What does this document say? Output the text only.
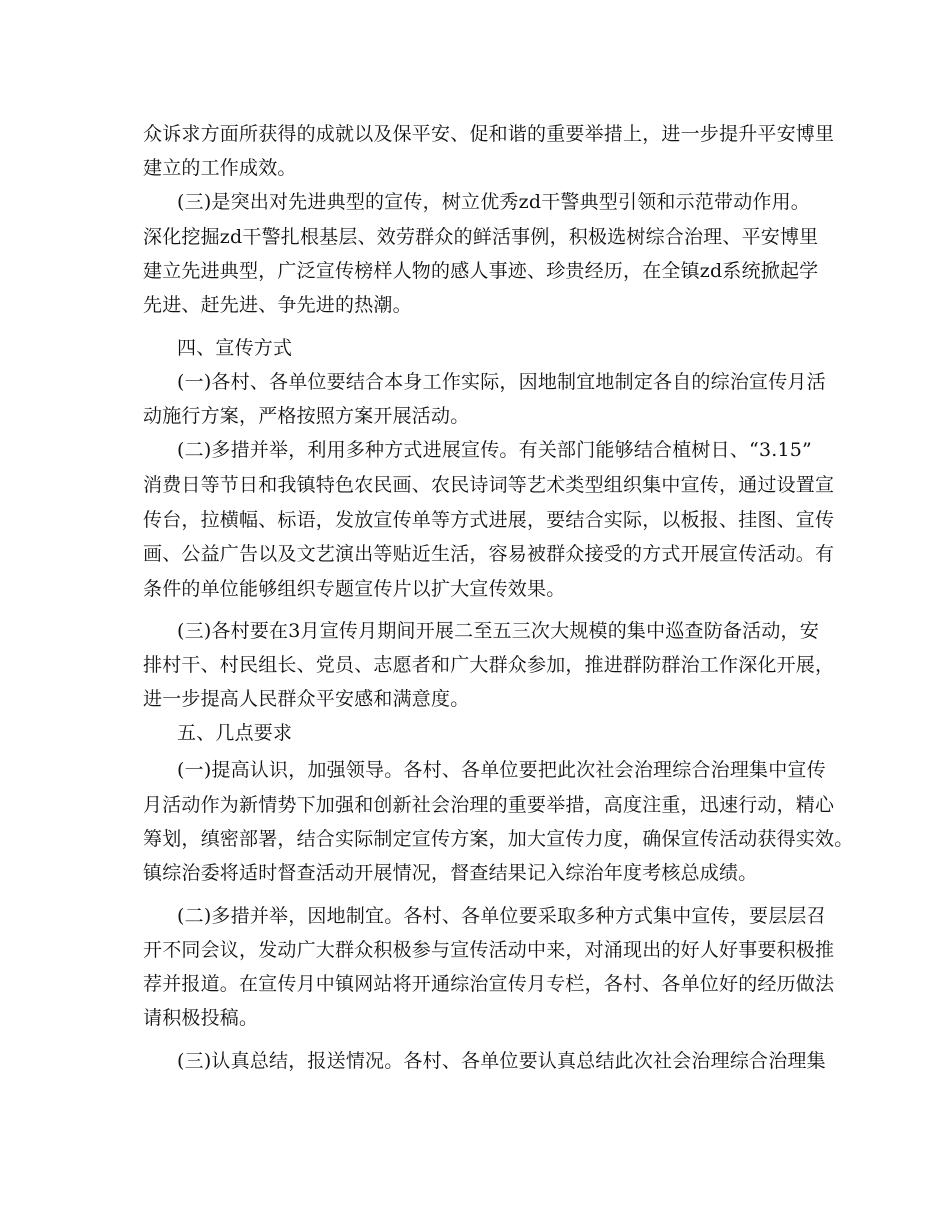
众诉求方面所获得的成就以及保平安、促和谐的重要举措上，进一步提升平安博里
建立的工作成效。
(三)是突出对先进典型的宣传，树立优秀zd干警典型引领和示范带动作用。
深化挖掘zd干警扎根基层、效劳群众的鲜活事例，积极选树综合治理、平安博里
建立先进典型，广泛宣传榜样人物的感人事迹、珍贵经历，在全镇zd系统掀起学
先进、赶先进、争先进的热潮。
四、宣传方式
(一)各村、各单位要结合本身工作实际，因地制宜地制定各自的综治宣传月活
动施行方案，严格按照方案开展活动。
(二)多措并举，利用多种方式进展宣传。有关部门能够结合植树日、“3.15”
消费日等节日和我镇特色农民画、农民诗词等艺术类型组织集中宣传，通过设置宣
传台，拉横幅、标语，发放宣传单等方式进展，要结合实际，以板报、挂图、宣传
画、公益广告以及文艺演出等贴近生活，容易被群众接受的方式开展宣传活动。有
条件的单位能够组织专题宣传片以扩大宣传效果。
(三)各村要在3月宣传月期间开展二至五三次大规模的集中巡查防备活动，安
排村干、村民组长、党员、志愿者和广大群众参加，推进群防群治工作深化开展，
进一步提高人民群众平安感和满意度。
五、几点要求
(一)提高认识，加强领导。各村、各单位要把此次社会治理综合治理集中宣传
月活动作为新情势下加强和创新社会治理的重要举措，高度注重，迅速行动，精心
筹划，缜密部署，结合实际制定宣传方案，加大宣传力度，确保宣传活动获得实效。
镇综治委将适时督查活动开展情况，督查结果记入综治年度考核总成绩。
(二)多措并举，因地制宜。各村、各单位要采取多种方式集中宣传，要层层召
开不同会议，发动广大群众积极参与宣传活动中来，对涌现出的好人好事要积极推
荐并报道。在宣传月中镇网站将开通综治宣传月专栏，各村、各单位好的经历做法
请积极投稿。
(三)认真总结，报送情况。各村、各单位要认真总结此次社会治理综合治理集
